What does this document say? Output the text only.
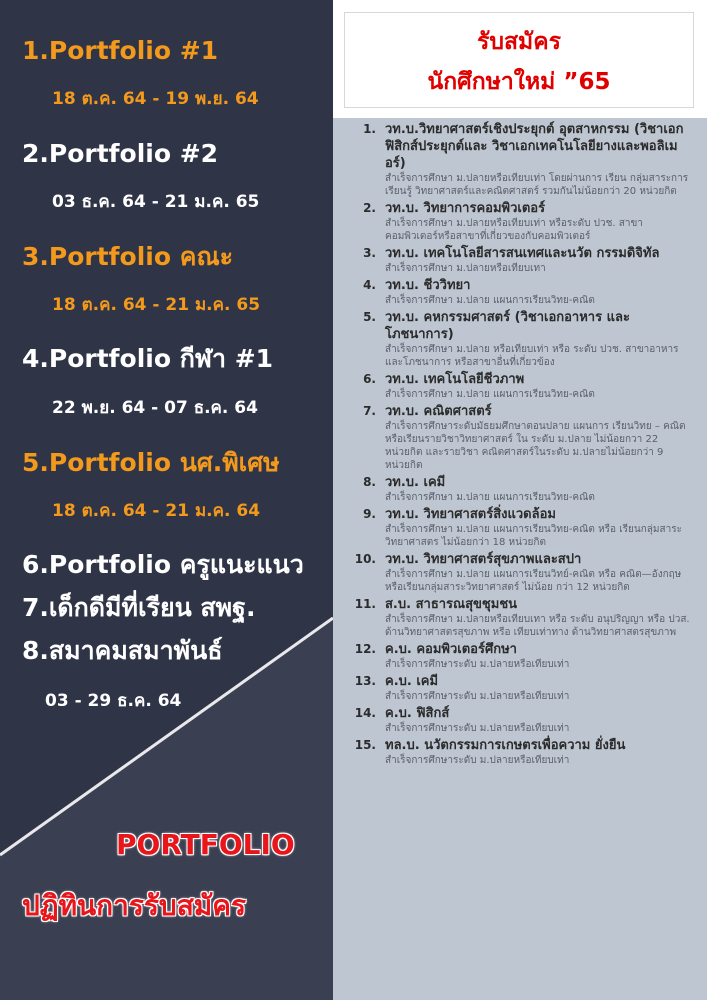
รับสมัคร
นักศึกษาใหม่ ”65
1.Portfolio #1
18 ต.ค. 64 - 19 พ.ย. 64
2.Portfolio #2
03 ธ.ค. 64 - 21 ม.ค. 65
3.Portfolio คณะ
18 ต.ค. 64 - 21 ม.ค. 65
4.Portfolio กีฬา #1
22 พ.ย. 64 - 07 ธ.ค. 64
5.Portfolio นศ.พิเศษ
18 ต.ค. 64 - 21 ม.ค. 64
6.Portfolio ครูแนะแนว
7.เด็กดีมีที่เรียน สพฐ.
8.สมาคมสมาพันธ์
03 - 29 ธ.ค. 64
PORTFOLIO
ปฏิทินการรับสมัคร
1. วท.บ.วิทยาศาสตร์เชิงประยุกต์ อุตสาหกรรม (วิชาเอกฟิสิกส์ประยุกต์และ วิชาเอกเทคโนโลยียางและพอลิเมอร์)
สำเร็จการศึกษา ม.ปลายหรือเทียบเท่า โดยผ่านการ เรียน กลุ่มสาระการเรียนรู้ วิทยาศาสตร์และคณิตศาสตร์ รวมกันไม่น้อยกว่า 20 หน่วยกิต
2. วท.บ. วิทยาการคอมพิวเตอร์
สำเร็จการศึกษา ม.ปลายหรือเทียบเท่า หรือระดับ ปวช. สาขาคอมพิวเตอร์หรือสาขาที่เกี่ยวของกับคอมพิวเตอร์
3. วท.บ. เทคโนโลยีสารสนเทศและนวัต กรรมดิจิทัล
สำเร็จการศึกษา ม.ปลายหรือเทียบเทา
4. วท.บ. ชีววิทยา
สำเร็จการศึกษา ม.ปลาย แผนการเรียนวิทย-คณิต
5. วท.บ. คหกรรมศาสตร์ (วิชาเอกอาหาร และโภชนาการ)
สำเร็จการศึกษา ม.ปลาย หรือเทียบเท่า หรือ ระดับ ปวช. สาขาอาหารและโภชนาการ หรือสาขาอื่นที่เกี่ยวข้อง
6. วท.บ. เทคโนโลยีชีวภาพ
สำเร็จการศึกษา ม.ปลาย แผนการเรียนวิทย-คณิต
7. วท.บ. คณิตศาสตร์
สำเร็จการศึกษาระดับมัธยมศึกษาตอนปลาย แผนการ เรียนวิทย – คณิต หรือเรียนรายวิชาวิทยาศาสตร์ ใน ระดับ ม.ปลาย ไม่น้อยกวา 22 หน่วยกิต และรายวิชา คณิตศาสตร์ในระดับ ม.ปลายไม่น้อยกว่า 9 หน่วยกิต
8. วท.บ. เคมี
สำเร็จการศึกษา ม.ปลาย แผนการเรียนวิทย-คณิต
9. วท.บ. วิทยาศาสตร์สิ่งแวดล้อม
สำเร็จการศึกษา ม.ปลาย แผนการเรียนวิทย-คณิต หรือ เรียนกลุ่มสาระวิทยาศาสตร ไม่น้อยกว่า 18 หน่วยกิต
10. วท.บ. วิทยาศาสตร์สุขภาพและสปา
สำเร็จการศึกษา ม.ปลาย แผนการเรียนวิทย์-คณิต หรือ คณิต—อังกฤษ หรือเรียนกลุ่มสาระวิทยาศาสตร์ ไม่น้อย กว่า 12 หน่วยกิต
11. ส.บ. สาธารณสุขชุมชน
สำเร็จการศึกษา ม.ปลายหรือเทียบเทา หรือ ระดับ อนุปริญญา หรือ ปวส. ด้านวิทยาศาสตรสุขภาพ หรือ เทียบเท่าทาง ด้านวิทยาศาสตรสุขภาพ
12. ค.บ. คอมพิวเตอร์ศึกษา
สำเร็จการศึกษาระดับ ม.ปลายหรือเทียบเท่า
13. ค.บ. เคมี
สำเร็จการศึกษาระดับ ม.ปลายหรือเทียบเท่า
14. ค.บ. ฟิสิกส์
สำเร็จการศึกษาระดับ ม.ปลายหรือเทียบเท่า
15. ทล.บ. นวัตกรรมการเกษตรเพื่อความ ยั่งยืน
สำเร็จการศึกษาระดับ ม.ปลายหรือเทียบเท่า
